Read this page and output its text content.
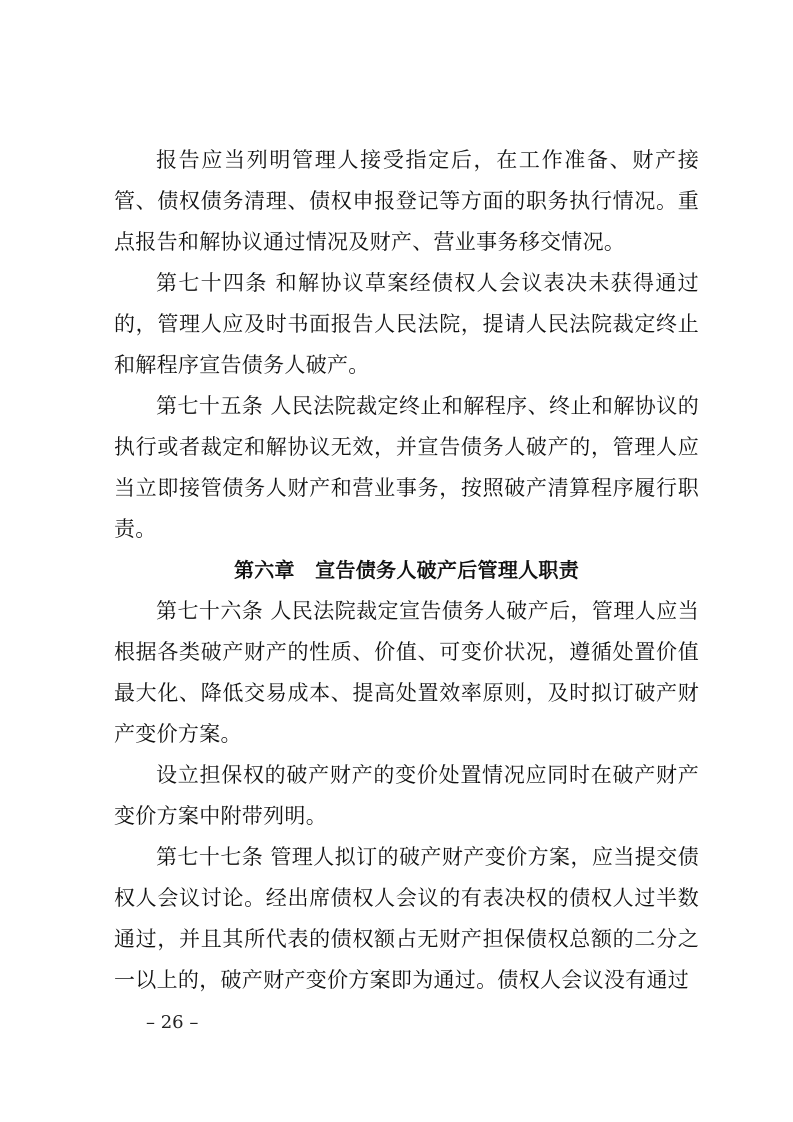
报告应当列明管理人接受指定后，在工作准备、财产接管、债权债务清理、债权申报登记等方面的职务执行情况。重点报告和解协议通过情况及财产、营业事务移交情况。

第七十四条 和解协议草案经债权人会议表决未获得通过的，管理人应及时书面报告人民法院，提请人民法院裁定终止和解程序宣告债务人破产。

第七十五条 人民法院裁定终止和解程序、终止和解协议的执行或者裁定和解协议无效，并宣告债务人破产的，管理人应当立即接管债务人财产和营业事务，按照破产清算程序履行职责。

第六章　宣告债务人破产后管理人职责

第七十六条 人民法院裁定宣告债务人破产后，管理人应当根据各类破产财产的性质、价值、可变价状况，遵循处置价值最大化、降低交易成本、提高处置效率原则，及时拟订破产财产变价方案。

设立担保权的破产财产的变价处置情况应同时在破产财产变价方案中附带列明。

第七十七条 管理人拟订的破产财产变价方案，应当提交债权人会议讨论。经出席债权人会议的有表决权的债权人过半数通过，并且其所代表的债权额占无财产担保债权总额的二分之一以上的，破产财产变价方案即为通过。债权人会议没有通过

– 26 –
